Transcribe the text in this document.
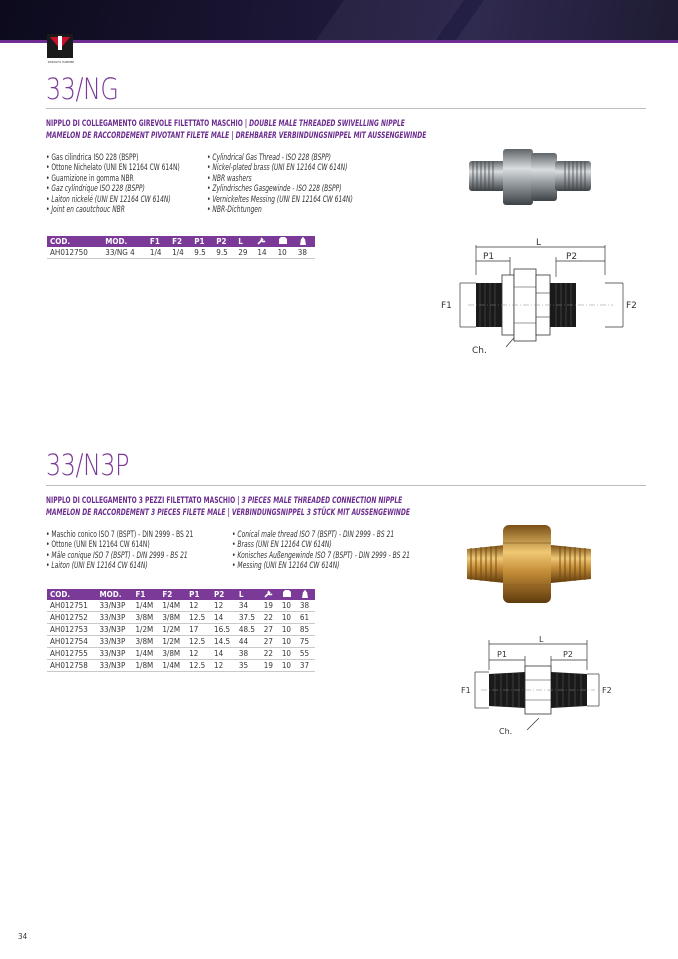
RODOLFO HAMMER
33/NG
NIPPLO DI COLLEGAMENTO GIREVOLE FILETTATO MASCHIO | DOUBLE MALE THREADED SWIVELLING NIPPLE
MAMELON DE RACCORDEMENT PIVOTANT FILETE MALE | DREHBARER VERBINDUNGSNIPPEL MIT AUSSENGEWINDE
• Gas cilindrica ISO 228 (BSPP)
• Ottone Nichelato (UNI EN 12164 CW 614N)
• Guarnizione in gomma NBR
• Gaz cylindrique ISO 228 (BSPP)
• Laiton nickelé (UNI EN 12164 CW 614N)
• Joint en caoutchouc NBR
• Cylindrical Gas Thread - ISO 228 (BSPP)
• Nickel-plated brass (UNI EN 12164 CW 614N)
• NBR washers
• Zylindrisches Gasgewinde - ISO 228 (BSPP)
• Vernickeltes Messing (UNI EN 12164 CW 614N)
• NBR-Dichtungen
COD.	MOD.	F1	F2	P1	P2	L			
AH012750	33/NG 4	1/4	1/4	9.5	9.5	29	14	10	38
L
P1	P2
F1	F2
Ch.
33/N3P
NIPPLO DI COLLEGAMENTO 3 PEZZI FILETTATO MASCHIO | 3 PIECES MALE THREADED CONNECTION NIPPLE
MAMELON DE RACCORDEMENT 3 PIECES FILETE MALE | VERBINDUNGSNIPPEL 3 STÜCK MIT AUSSENGEWINDE
• Maschio conico ISO 7 (BSPT) - DIN 2999 - BS 21
• Ottone (UNI EN 12164 CW 614N)
• Mâle conique ISO 7 (BSPT) - DIN 2999 - BS 21
• Laiton (UNI EN 12164 CW 614N)
• Conical male thread ISO 7 (BSPT) - DIN 2999 - BS 21
• Brass (UNI EN 12164 CW 614N)
• Konisches Außengewinde ISO 7 (BSPT) - DIN 2999 - BS 21
• Messing (UNI EN 12164 CW 614N)
COD.	MOD.	F1	F2	P1	P2	L			
AH012751	33/N3P	1/4M	1/4M	12	12	34	19	10	38
AH012752	33/N3P	3/8M	3/8M	12.5	14	37.5	22	10	61
AH012753	33/N3P	1/2M	1/2M	17	16.5	48.5	27	10	85
AH012754	33/N3P	3/8M	1/2M	12.5	14.5	44	27	10	75
AH012755	33/N3P	1/4M	3/8M	12	14	38	22	10	55
AH012758	33/N3P	1/8M	1/4M	12.5	12	35	19	10	37
L
P1	P2
F1	F2
Ch.
34
